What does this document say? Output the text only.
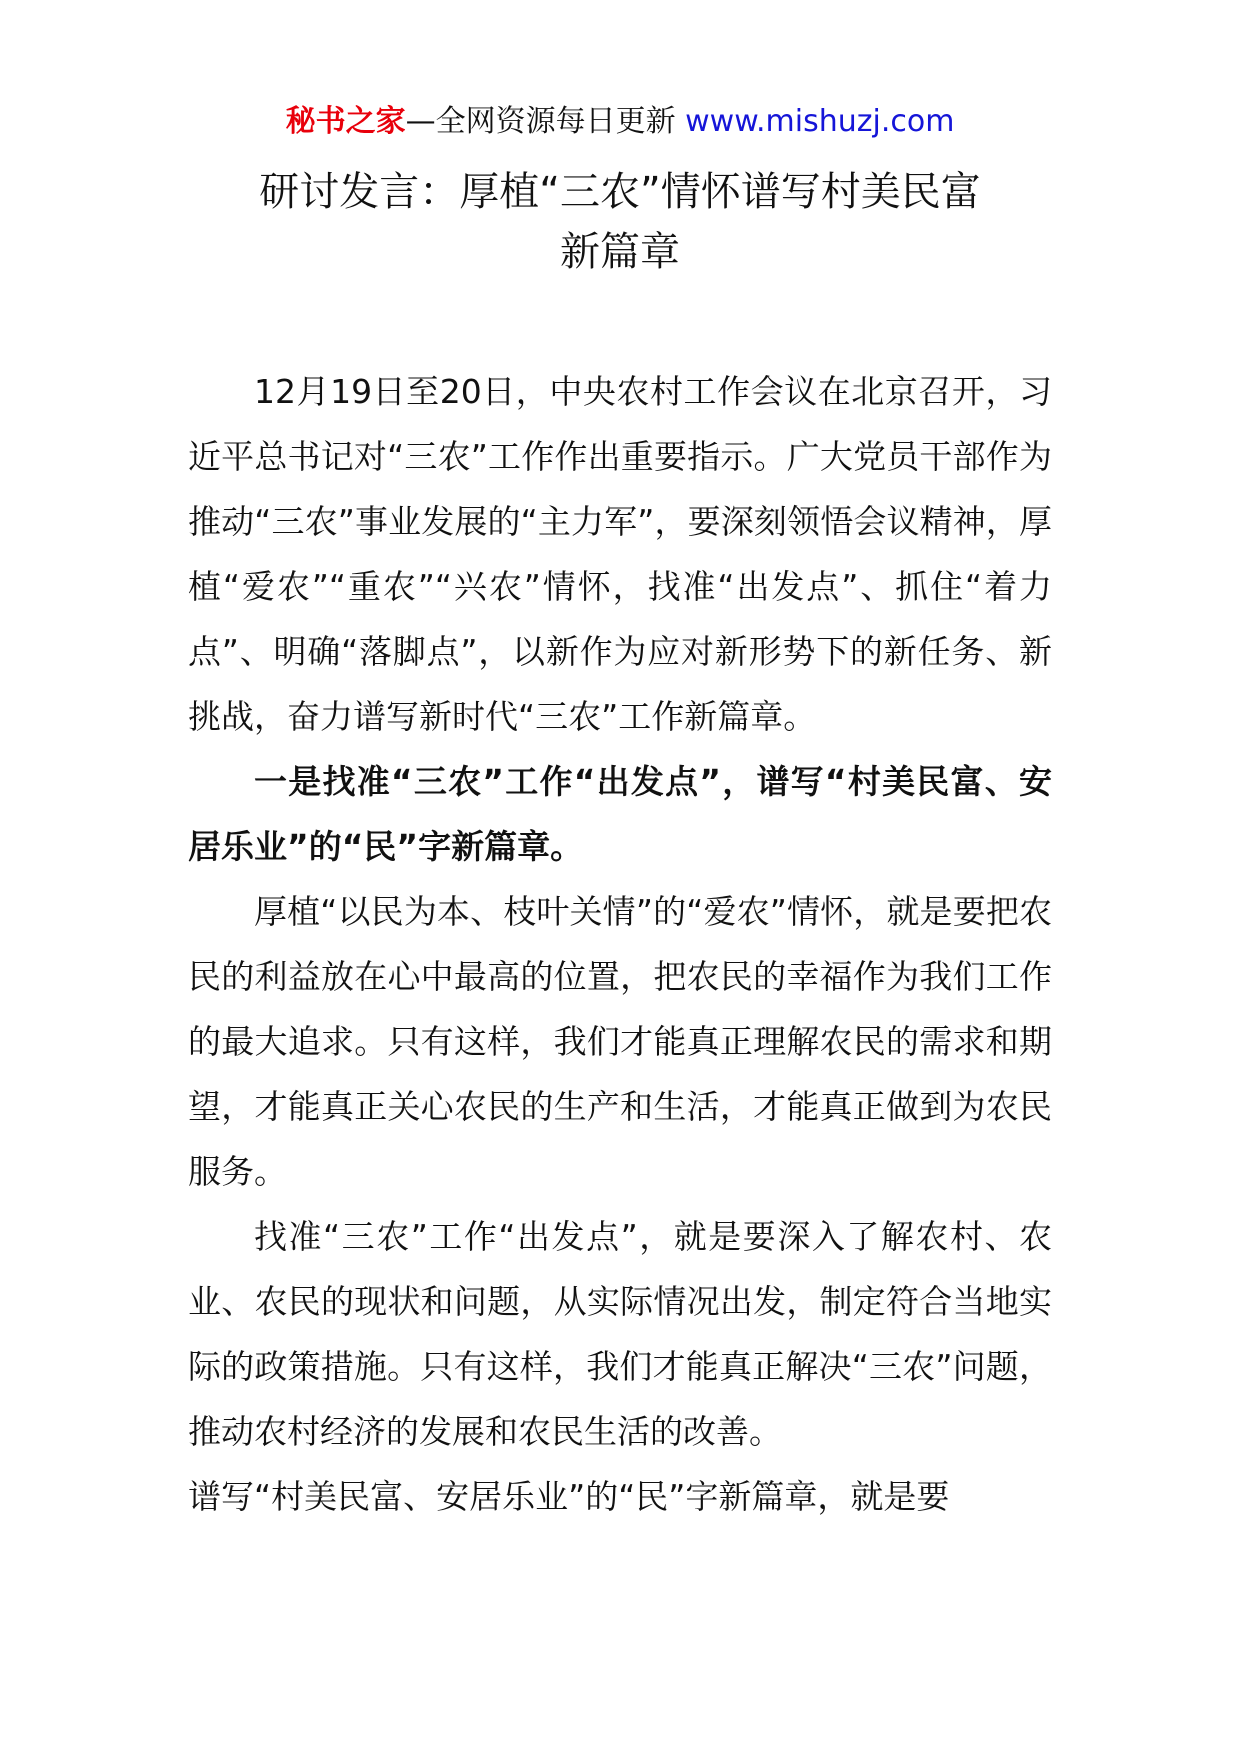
秘书之家—全网资源每日更新 www.mishuzj.com
研讨发言：厚植“三农”情怀谱写村美民富
新篇章

12月19日至20日，中央农村工作会议在北京召开，习近平总书记对“三农”工作作出重要指示。广大党员干部作为推动“三农”事业发展的“主力军”，要深刻领悟会议精神，厚植“爱农”“重农”“兴农”情怀，找准“出发点”、抓住“着力点”、明确“落脚点”，以新作为应对新形势下的新任务、新挑战，奋力谱写新时代“三农”工作新篇章。

一是找准“三农”工作“出发点”，谱写“村美民富、安居乐业”的“民”字新篇章。

厚植“以民为本、枝叶关情”的“爱农”情怀，就是要把农民的利益放在心中最高的位置，把农民的幸福作为我们工作的最大追求。只有这样，我们才能真正理解农民的需求和期望，才能真正关心农民的生产和生活，才能真正做到为农民服务。

找准“三农”工作“出发点”，就是要深入了解农村、农业、农民的现状和问题，从实际情况出发，制定符合当地实际的政策措施。只有这样，我们才能真正解决“三农”问题，推动农村经济的发展和农民生活的改善。

谱写“村美民富、安居乐业”的“民”字新篇章，就是要
